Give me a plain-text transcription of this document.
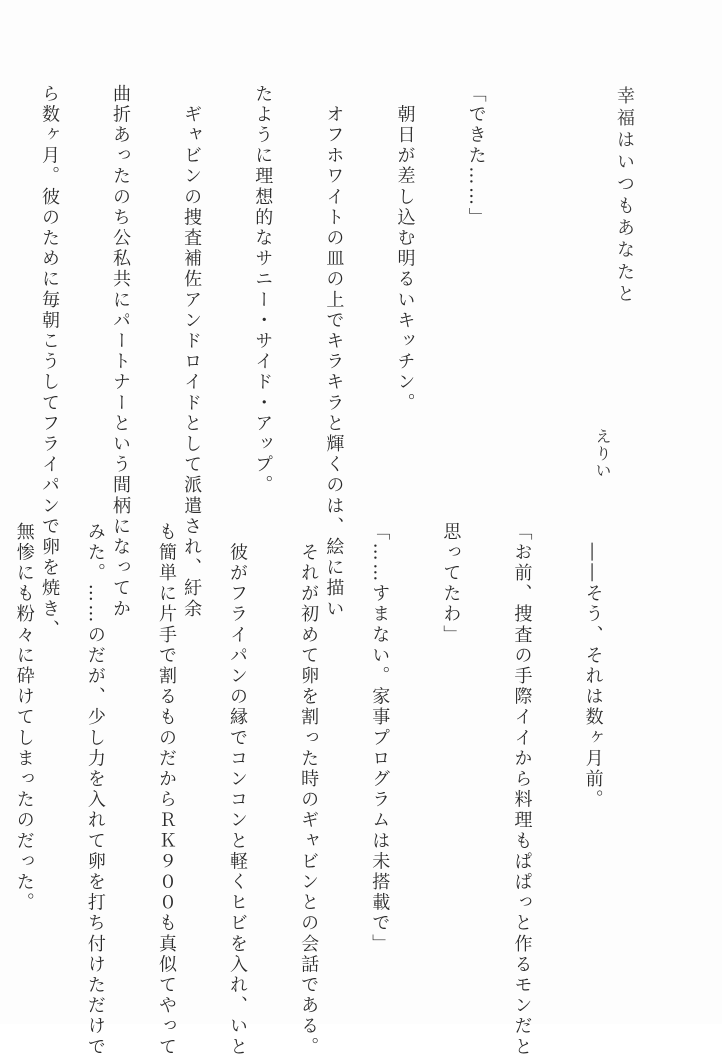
幸福はいつもあなたと
えりい

「できた……」

　朝日が差し込む明るいキッチン。

　オフホワイトの皿の上でキラキラと輝くのは、絵に描い

たように理想的なサニー・サイド・アップ。

　ギャビンの捜査補佐アンドロイドとして派遣され、紆余

曲折あったのち公私共にパートナーという間柄になってか

ら数ヶ月。彼のために毎朝こうしてフライパンで卵を焼き、

　――そう、それは数ヶ月前。

「お前、捜査の手際イイから料理もぱぱっと作るモンだと

思ってたわ」

「……すまない。家事プログラムは未搭載で」

　それが初めて卵を割った時のギャビンとの会話である。

　彼がフライパンの縁でコンコンと軽くヒビを入れ、いと

も簡単に片手で割るものだからＲＫ９００も真似てやって

みた。……のだが、少し力を入れて卵を打ち付けただけで

無惨にも粉々に砕けてしまったのだった。
